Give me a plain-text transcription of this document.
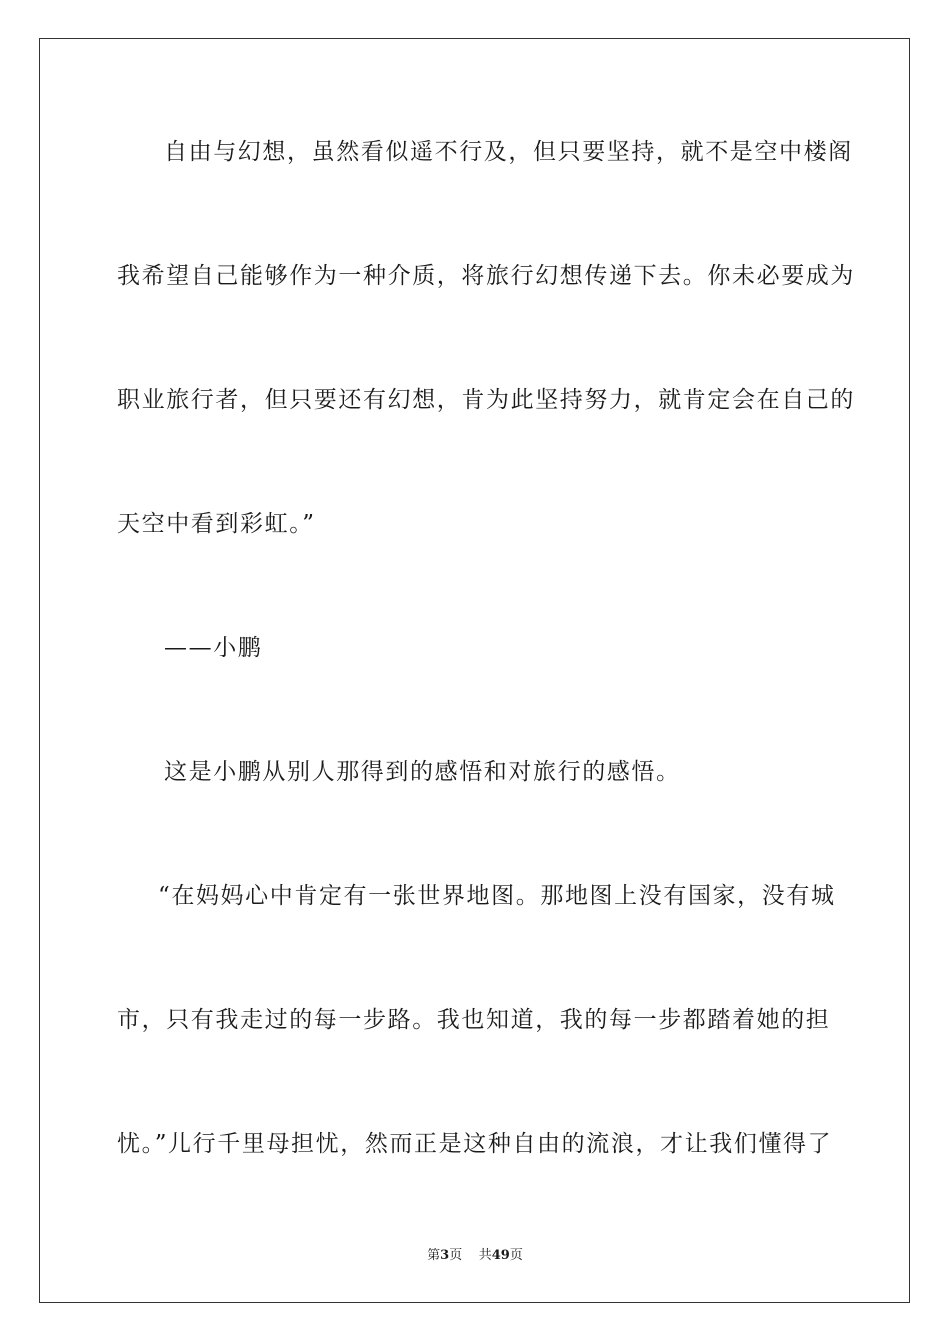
自由与幻想，虽然看似遥不行及，但只要坚持，就不是空中楼阁
我希望自己能够作为一种介质，将旅行幻想传递下去。你未必要成为
职业旅行者，但只要还有幻想，肯为此坚持努力，就肯定会在自己的
天空中看到彩虹。”
——小鹏
这是小鹏从别人那得到的感悟和对旅行的感悟。
“在妈妈心中肯定有一张世界地图。那地图上没有国家，没有城
市，只有我走过的每一步路。我也知道，我的每一步都踏着她的担
忧。”儿行千里母担忧，然而正是这种自由的流浪，才让我们懂得了
第3页 共49页
